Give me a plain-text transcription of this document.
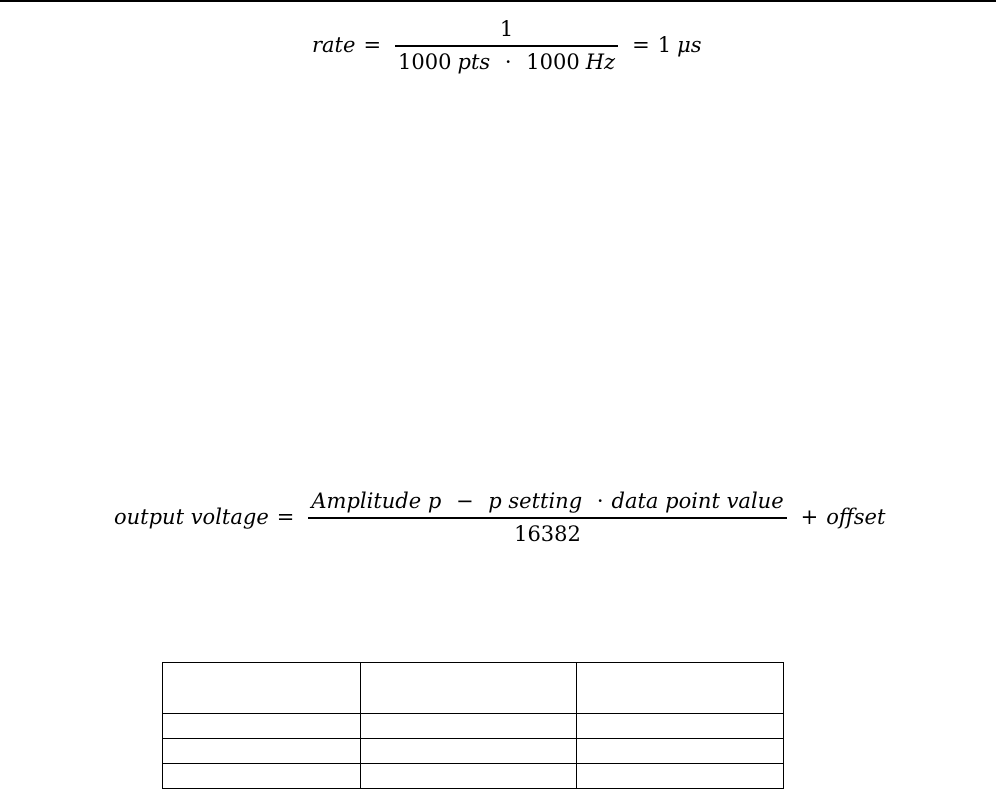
rate = $\frac{1}{\text{1000 pts · 1000 Hz}} = 1$ μs
output voltage = $\frac{\text{Amplitude p − p setting · data point value}}{16382}$ + offset
